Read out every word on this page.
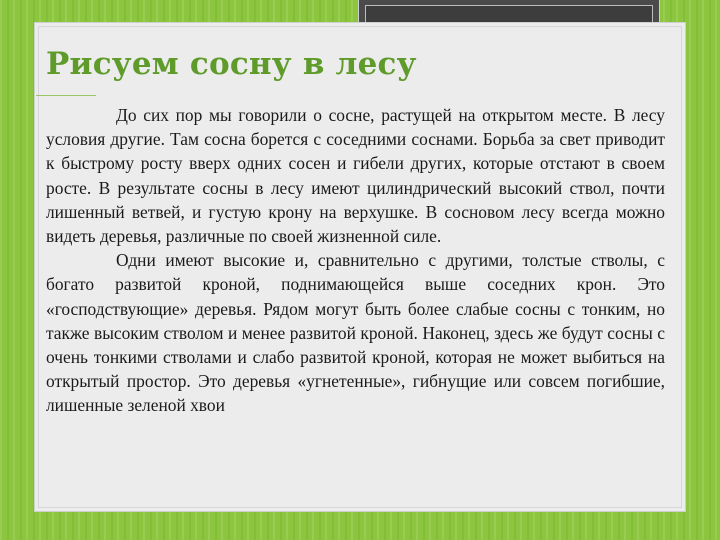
Рисуем сосну в лесу

До сих пор мы говорили о сосне, растущей на открытом месте. В лесу условия другие. Там сосна борется с соседними соснами. Борьба за свет приводит к быстрому росту вверх одних сосен и гибели других, которые отстают в своем росте. В результате сосны в лесу имеют цилиндрический высокий ствол, почти лишенный ветвей, и густую крону на верхушке. В сосновом лесу всегда можно видеть деревья, различные по своей жизненной силе.

Одни имеют высокие и, сравнительно с другими, толстые стволы, с богато развитой кроной, поднимающейся выше соседних крон. Это «господствующие» деревья. Рядом могут быть более слабые сосны с тонким, но также высоким стволом и менее развитой кроной. Наконец, здесь же будут сосны с очень тонкими стволами и слабо развитой кроной, которая не может выбиться на открытый простор. Это деревья «угнетенные», гибнущие или совсем погибшие, лишенные зеленой хвои
